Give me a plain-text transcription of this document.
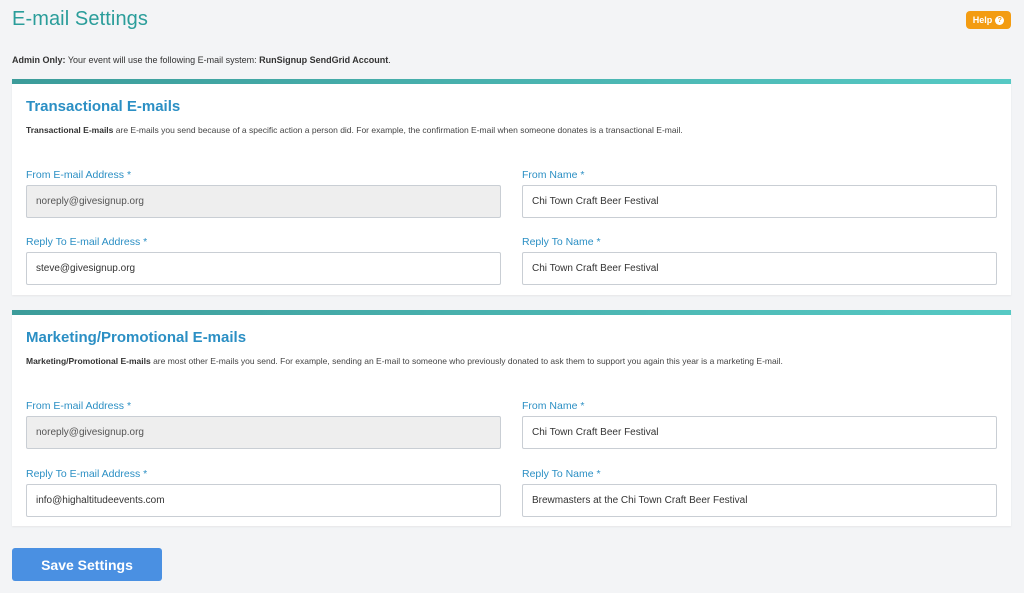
E-mail Settings	Help ?
Admin Only: Your event will use the following E-mail system: RunSignup SendGrid Account.
Transactional E-mails

Transactional E-mails are E-mails you send because of a specific action a person did. For example, the confirmation E-mail when someone donates is a transactional E-mail.

From E-mail Address *
noreply@givesignup.org	From Name *
Chi Town Craft Beer Festival
Reply To E-mail Address *
steve@givesignup.org	Reply To Name *
Chi Town Craft Beer Festival
Marketing/Promotional E-mails

Marketing/Promotional E-mails are most other E-mails you send. For example, sending an E-mail to someone who previously donated to ask them to support you again this year is a marketing E-mail.

From E-mail Address *
noreply@givesignup.org	From Name *
Chi Town Craft Beer Festival
Reply To E-mail Address *
info@highaltitudeevents.com	Reply To Name *
Brewmasters at the Chi Town Craft Beer Festival
Save Settings
